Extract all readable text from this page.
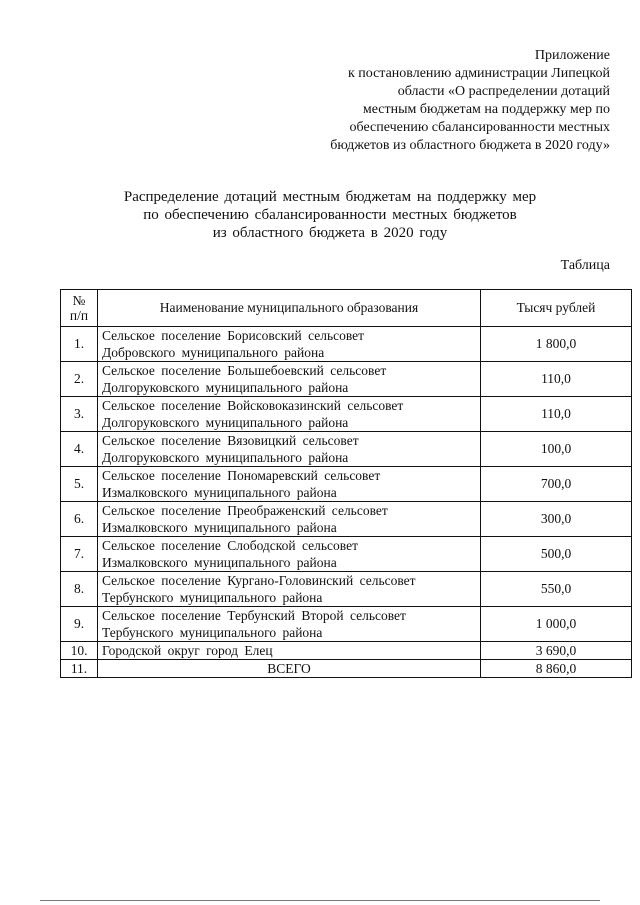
Приложение
к постановлению администрации Липецкой
области «О распределении дотаций
местным бюджетам на поддержку мер по
обеспечению сбалансированности местных
бюджетов из областного бюджета в 2020 году»
Распределение дотаций местным бюджетам на поддержку мер
по обеспечению сбалансированности местных бюджетов
из областного бюджета в 2020 году
Таблица
№
п/п	Наименование муниципального образования	Тысяч рублей
1.	Сельское поселение Борисовский сельсовет
Добровского муниципального района	1 800,0
2.	Сельское поселение Большебоевский сельсовет
Долгоруковского муниципального района	110,0
3.	Сельское поселение Войсковоказинский сельсовет
Долгоруковского муниципального района	110,0
4.	Сельское поселение Вязовицкий сельсовет
Долгоруковского муниципального района	100,0
5.	Сельское поселение Пономаревский сельсовет
Измалковского муниципального района	700,0
6.	Сельское поселение Преображенский сельсовет
Измалковского муниципального района	300,0
7.	Сельское поселение Слободской сельсовет
Измалковского муниципального района	500,0
8.	Сельское поселение Кургано-Головинский сельсовет
Тербунского муниципального района	550,0
9.	Сельское поселение Тербунский Второй сельсовет
Тербунского муниципального района	1 000,0
10.	Городской округ город Елец	3 690,0
11.	ВСЕГО	8 860,0
